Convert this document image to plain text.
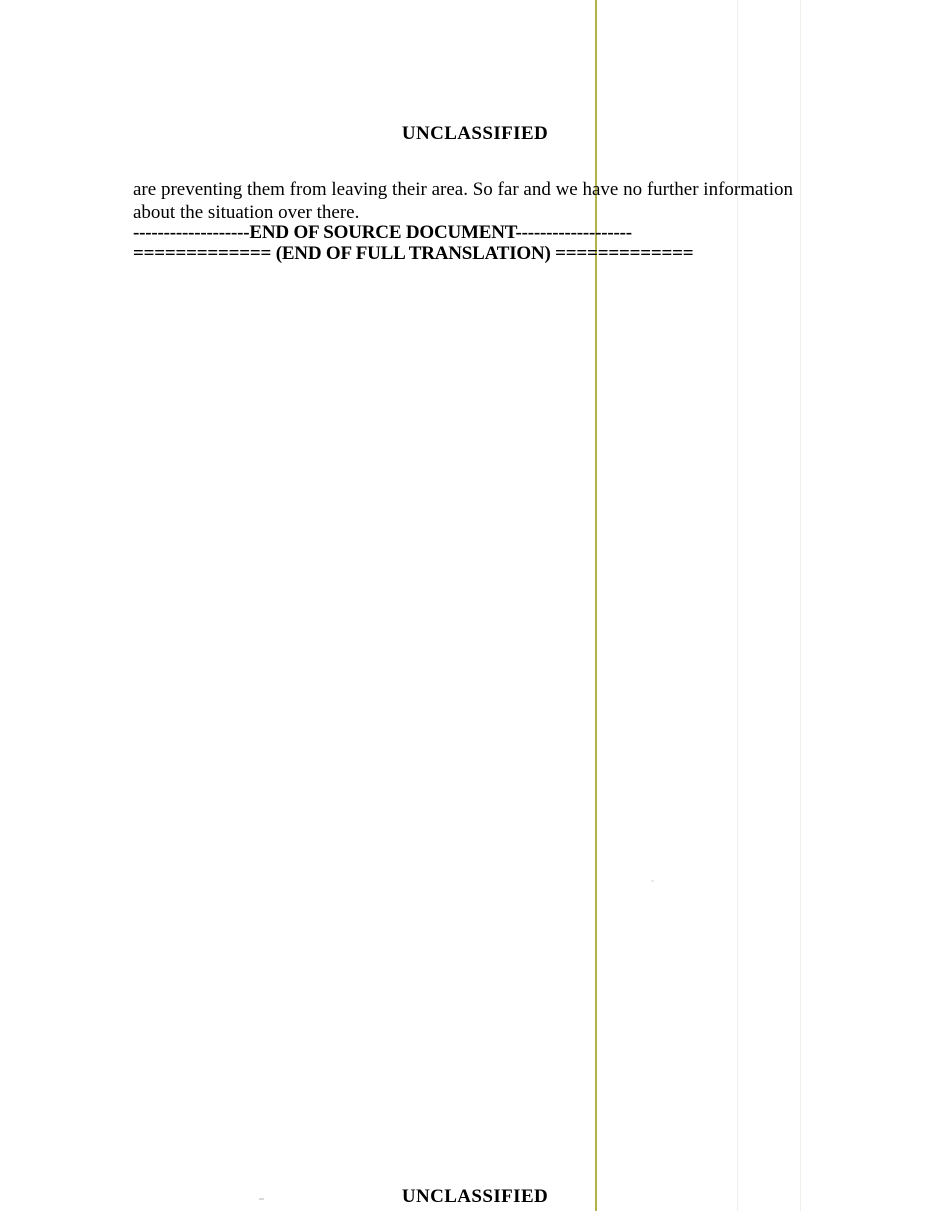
UNCLASSIFIED

are preventing them from leaving their area. So far and we have no further information about the situation over there.

-------------------END OF SOURCE DOCUMENT-------------------
============= (END OF FULL TRANSLATION) =============
UNCLASSIFIED
